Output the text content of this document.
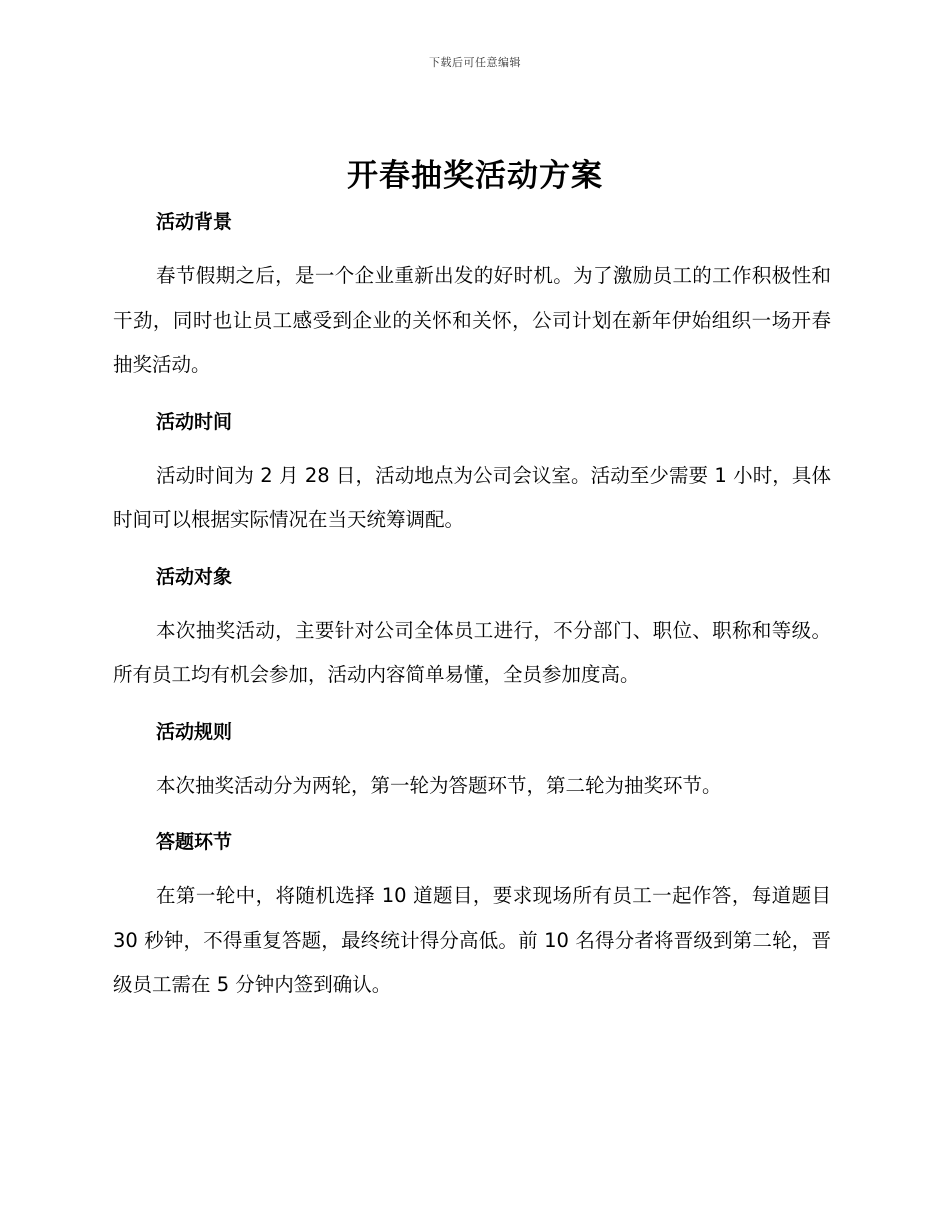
下载后可任意编辑
开春抽奖活动方案
活动背景

春节假期之后，是一个企业重新出发的好时机。为了激励员工的工作积极性和干劲，同时也让员工感受到企业的关怀和关怀，公司计划在新年伊始组织一场开春抽奖活动。

活动时间

活动时间为 2 月 28 日，活动地点为公司会议室。活动至少需要 1 小时，具体时间可以根据实际情况在当天统筹调配。

活动对象

本次抽奖活动，主要针对公司全体员工进行，不分部门、职位、职称和等级。所有员工均有机会参加，活动内容简单易懂，全员参加度高。

活动规则

本次抽奖活动分为两轮，第一轮为答题环节，第二轮为抽奖环节。

答题环节

在第一轮中，将随机选择 10 道题目，要求现场所有员工一起作答，每道题目 30 秒钟，不得重复答题，最终统计得分高低。前 10 名得分者将晋级到第二轮，晋级员工需在 5 分钟内签到确认。
